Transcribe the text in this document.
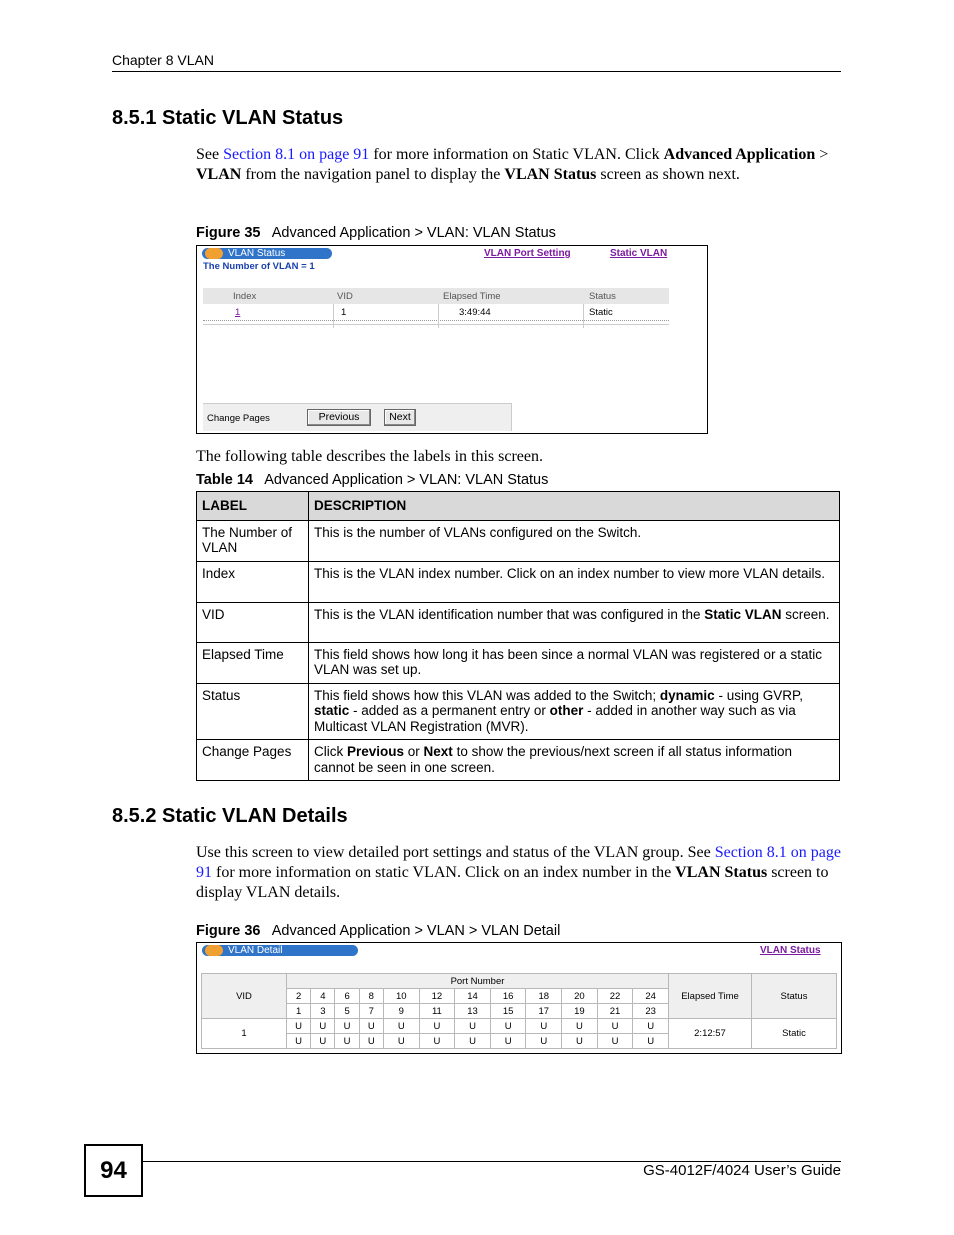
Chapter 8 VLAN
8.5.1 Static VLAN Status
See Section 8.1 on page 91 for more information on Static VLAN. Click Advanced Application > VLAN from the navigation panel to display the VLAN Status screen as shown next.
Figure 35   Advanced Application > VLAN: VLAN Status
VLAN Status
The Number of VLAN = 1
VLAN Port Setting	Static VLAN
Index	VID	Elapsed Time	Status
1	1	3:49:44	Static
Change Pages	Previous	Next
The following table describes the labels in this screen.
Table 14   Advanced Application > VLAN: VLAN Status
LABEL	DESCRIPTION
The Number of VLAN	This is the number of VLANs configured on the Switch.
Index	This is the VLAN index number. Click on an index number to view more VLAN details.
VID	This is the VLAN identification number that was configured in the Static VLAN screen.
Elapsed Time	This field shows how long it has been since a normal VLAN was registered or a static VLAN was set up.
Status	This field shows how this VLAN was added to the Switch; dynamic - using GVRP, static - added as a permanent entry or other - added in another way such as via Multicast VLAN Registration (MVR).
Change Pages	Click Previous or Next to show the previous/next screen if all status information cannot be seen in one screen.
8.5.2 Static VLAN Details
Use this screen to view detailed port settings and status of the VLAN group. See Section 8.1 on page 91 for more information on static VLAN. Click on an index number in the VLAN Status screen to display VLAN details.
Figure 36   Advanced Application > VLAN > VLAN Detail
VLAN Detail	VLAN Status
VID	Port Number												Elapsed Time	Status
	2	4	6	8	10	12	14	16	18	20	22	24		
	1	3	5	7	9	11	13	15	17	19	21	23		
1	U	U	U	U	U	U	U	U	U	U	U	U	2:12:57	Static
	U	U	U	U	U	U	U	U	U	U	U	U		
94	GS-4012F/4024 User’s Guide
